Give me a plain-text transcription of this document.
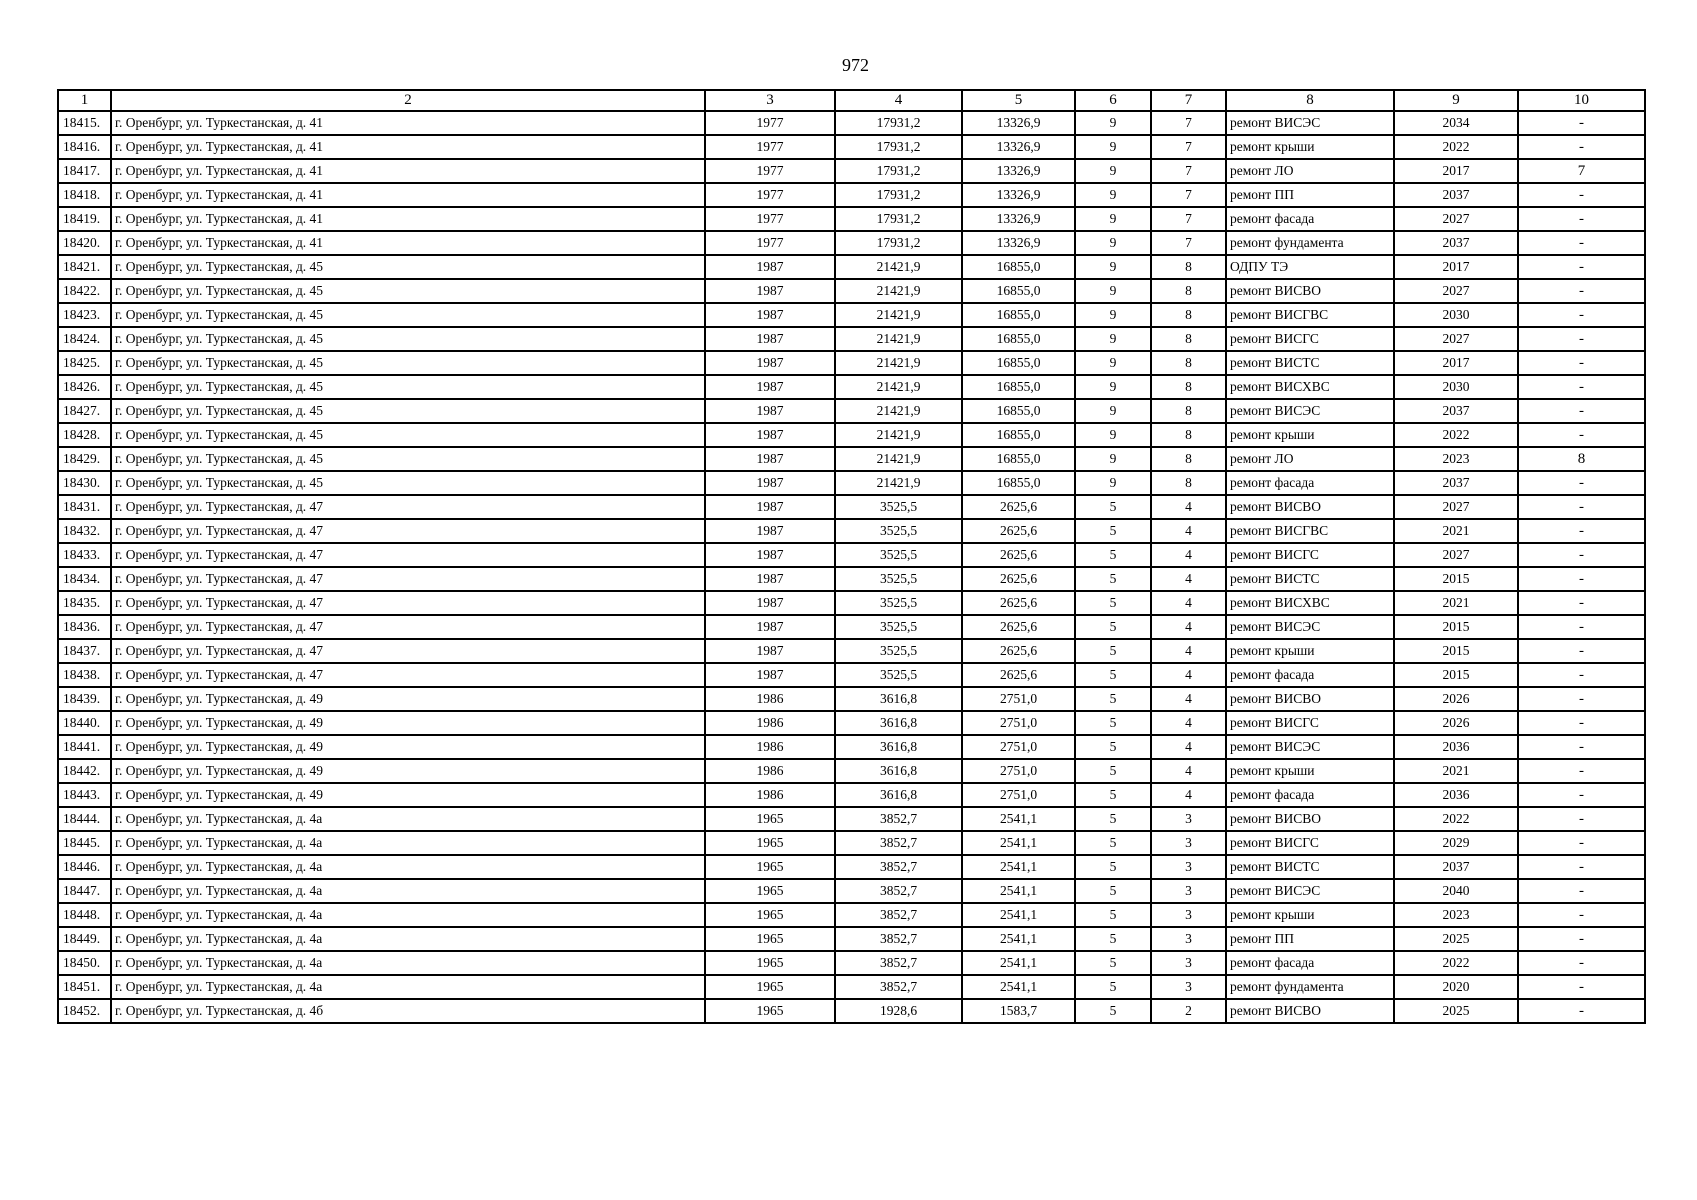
972
1	2	3	4	5	6	7	8	9	10
18415.	г. Оренбург, ул. Туркестанская, д. 41	1977	17931,2	13326,9	9	7	ремонт ВИСЭС	2034	-
18416.	г. Оренбург, ул. Туркестанская, д. 41	1977	17931,2	13326,9	9	7	ремонт крыши	2022	-
18417.	г. Оренбург, ул. Туркестанская, д. 41	1977	17931,2	13326,9	9	7	ремонт ЛО	2017	7
18418.	г. Оренбург, ул. Туркестанская, д. 41	1977	17931,2	13326,9	9	7	ремонт ПП	2037	-
18419.	г. Оренбург, ул. Туркестанская, д. 41	1977	17931,2	13326,9	9	7	ремонт фасада	2027	-
18420.	г. Оренбург, ул. Туркестанская, д. 41	1977	17931,2	13326,9	9	7	ремонт фундамента	2037	-
18421.	г. Оренбург, ул. Туркестанская, д. 45	1987	21421,9	16855,0	9	8	ОДПУ ТЭ	2017	-
18422.	г. Оренбург, ул. Туркестанская, д. 45	1987	21421,9	16855,0	9	8	ремонт ВИСВО	2027	-
18423.	г. Оренбург, ул. Туркестанская, д. 45	1987	21421,9	16855,0	9	8	ремонт ВИСГВС	2030	-
18424.	г. Оренбург, ул. Туркестанская, д. 45	1987	21421,9	16855,0	9	8	ремонт ВИСГС	2027	-
18425.	г. Оренбург, ул. Туркестанская, д. 45	1987	21421,9	16855,0	9	8	ремонт ВИСТС	2017	-
18426.	г. Оренбург, ул. Туркестанская, д. 45	1987	21421,9	16855,0	9	8	ремонт ВИСХВС	2030	-
18427.	г. Оренбург, ул. Туркестанская, д. 45	1987	21421,9	16855,0	9	8	ремонт ВИСЭС	2037	-
18428.	г. Оренбург, ул. Туркестанская, д. 45	1987	21421,9	16855,0	9	8	ремонт крыши	2022	-
18429.	г. Оренбург, ул. Туркестанская, д. 45	1987	21421,9	16855,0	9	8	ремонт ЛО	2023	8
18430.	г. Оренбург, ул. Туркестанская, д. 45	1987	21421,9	16855,0	9	8	ремонт фасада	2037	-
18431.	г. Оренбург, ул. Туркестанская, д. 47	1987	3525,5	2625,6	5	4	ремонт ВИСВО	2027	-
18432.	г. Оренбург, ул. Туркестанская, д. 47	1987	3525,5	2625,6	5	4	ремонт ВИСГВС	2021	-
18433.	г. Оренбург, ул. Туркестанская, д. 47	1987	3525,5	2625,6	5	4	ремонт ВИСГС	2027	-
18434.	г. Оренбург, ул. Туркестанская, д. 47	1987	3525,5	2625,6	5	4	ремонт ВИСТС	2015	-
18435.	г. Оренбург, ул. Туркестанская, д. 47	1987	3525,5	2625,6	5	4	ремонт ВИСХВС	2021	-
18436.	г. Оренбург, ул. Туркестанская, д. 47	1987	3525,5	2625,6	5	4	ремонт ВИСЭС	2015	-
18437.	г. Оренбург, ул. Туркестанская, д. 47	1987	3525,5	2625,6	5	4	ремонт крыши	2015	-
18438.	г. Оренбург, ул. Туркестанская, д. 47	1987	3525,5	2625,6	5	4	ремонт фасада	2015	-
18439.	г. Оренбург, ул. Туркестанская, д. 49	1986	3616,8	2751,0	5	4	ремонт ВИСВО	2026	-
18440.	г. Оренбург, ул. Туркестанская, д. 49	1986	3616,8	2751,0	5	4	ремонт ВИСГС	2026	-
18441.	г. Оренбург, ул. Туркестанская, д. 49	1986	3616,8	2751,0	5	4	ремонт ВИСЭС	2036	-
18442.	г. Оренбург, ул. Туркестанская, д. 49	1986	3616,8	2751,0	5	4	ремонт крыши	2021	-
18443.	г. Оренбург, ул. Туркестанская, д. 49	1986	3616,8	2751,0	5	4	ремонт фасада	2036	-
18444.	г. Оренбург, ул. Туркестанская, д. 4а	1965	3852,7	2541,1	5	3	ремонт ВИСВО	2022	-
18445.	г. Оренбург, ул. Туркестанская, д. 4а	1965	3852,7	2541,1	5	3	ремонт ВИСГС	2029	-
18446.	г. Оренбург, ул. Туркестанская, д. 4а	1965	3852,7	2541,1	5	3	ремонт ВИСТС	2037	-
18447.	г. Оренбург, ул. Туркестанская, д. 4а	1965	3852,7	2541,1	5	3	ремонт ВИСЭС	2040	-
18448.	г. Оренбург, ул. Туркестанская, д. 4а	1965	3852,7	2541,1	5	3	ремонт крыши	2023	-
18449.	г. Оренбург, ул. Туркестанская, д. 4а	1965	3852,7	2541,1	5	3	ремонт ПП	2025	-
18450.	г. Оренбург, ул. Туркестанская, д. 4а	1965	3852,7	2541,1	5	3	ремонт фасада	2022	-
18451.	г. Оренбург, ул. Туркестанская, д. 4а	1965	3852,7	2541,1	5	3	ремонт фундамента	2020	-
18452.	г. Оренбург, ул. Туркестанская, д. 4б	1965	1928,6	1583,7	5	2	ремонт ВИСВО	2025	-
